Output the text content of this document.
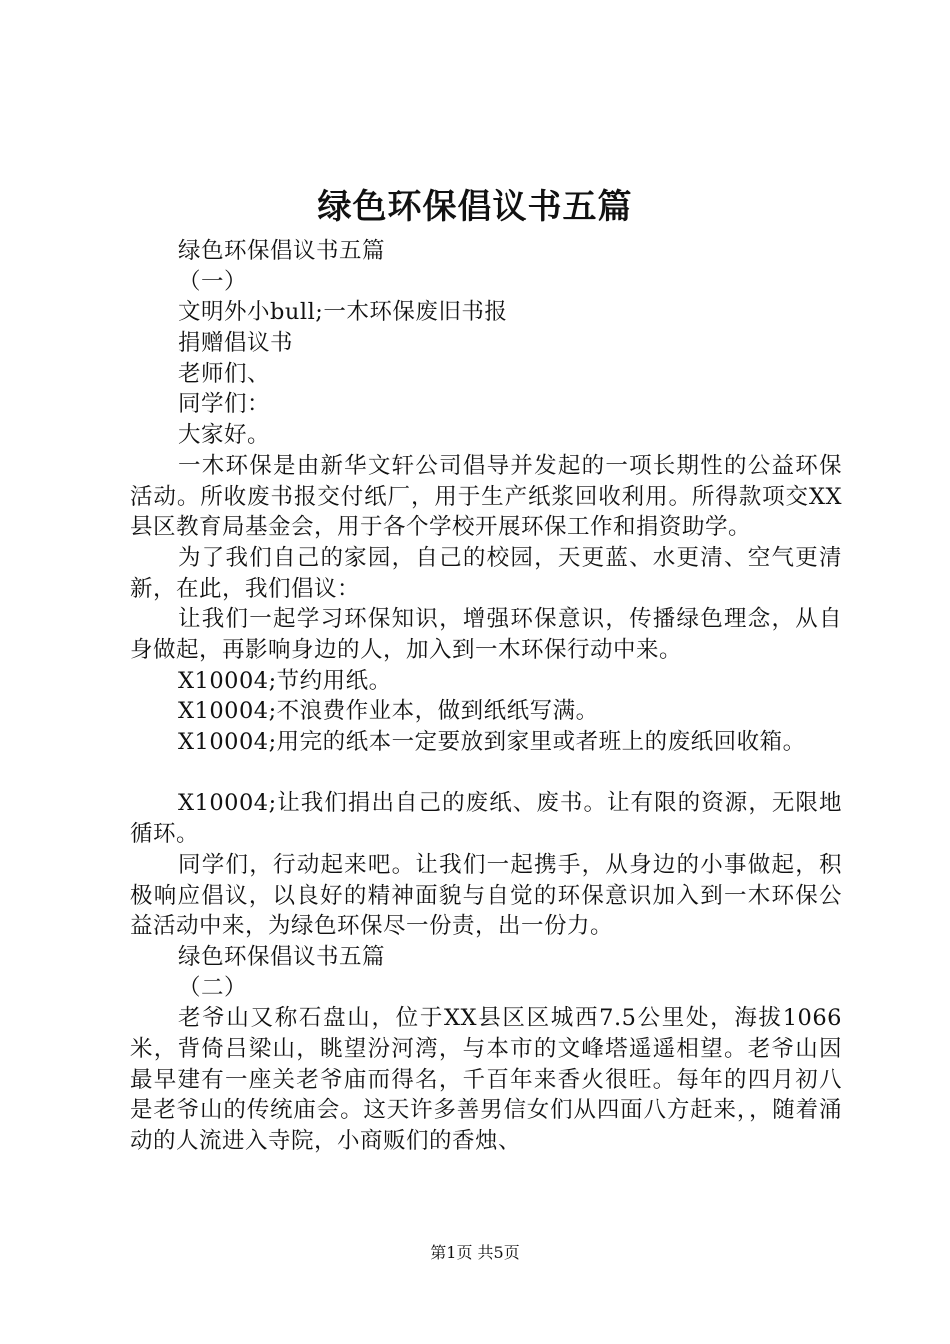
绿色环保倡议书五篇
绿色环保倡议书五篇
（一）
文明外小bull;一木环保废旧书报
捐赠倡议书
老师们、
同学们：
大家好。
一木环保是由新华文轩公司倡导并发起的一项长期性的公益环保活动。所收废书报交付纸厂，用于生产纸浆回收利用。所得款项交XX县区教育局基金会，用于各个学校开展环保工作和捐资助学。
为了我们自己的家园，自己的校园，天更蓝、水更清、空气更清新，在此，我们倡议：
让我们一起学习环保知识，增强环保意识，传播绿色理念，从自身做起，再影响身边的人，加入到一木环保行动中来。
X10004;节约用纸。
X10004;不浪费作业本，做到纸纸写满。
X10004;用完的纸本一定要放到家里或者班上的废纸回收箱。
X10004;让我们捐出自己的废纸、废书。让有限的资源，无限地循环。
同学们，行动起来吧。让我们一起携手，从身边的小事做起，积极响应倡议，以良好的精神面貌与自觉的环保意识加入到一木环保公益活动中来，为绿色环保尽一份责，出一份力。
绿色环保倡议书五篇
（二）
老爷山又称石盘山，位于XX县区区城西7.5公里处，海拔1066米，背倚吕梁山，眺望汾河湾，与本市的文峰塔遥遥相望。老爷山因最早建有一座关老爷庙而得名，千百年来香火很旺。每年的四月初八是老爷山的传统庙会。这天许多善男信女们从四面八方赶来，，随着涌动的人流进入寺院，小商贩们的香烛、
第1页 共5页
